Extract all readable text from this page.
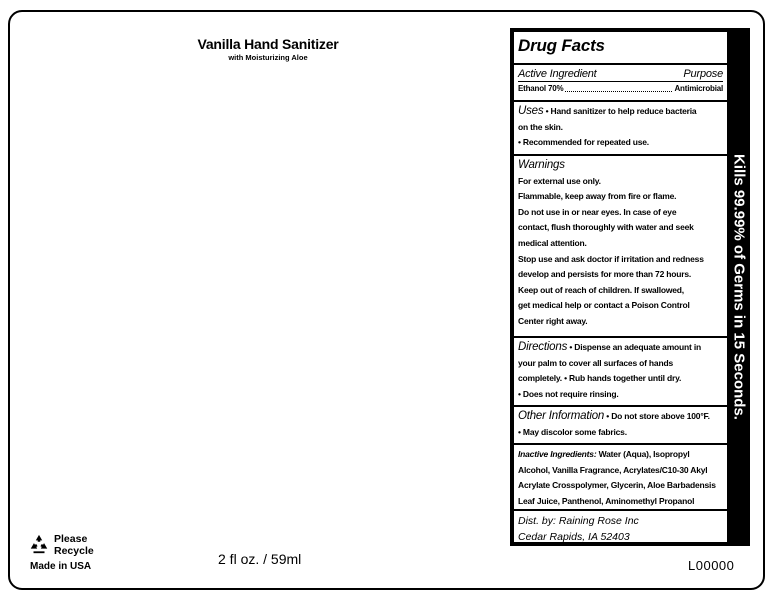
Vanilla Hand Sanitizer
with Moisturizing Aloe
Please
Recycle
Made in USA	2 fl oz. / 59ml	L00000
Drug Facts
Active Ingredient	Purpose
Ethanol 70%	Antimicrobial
Uses • Hand sanitizer to help reduce bacteria
on the skin.
• Recommended for repeated use.
Warnings
For external use only.
Flammable, keep away from fire or flame.
Do not use in or near eyes. In case of eye
contact, flush thoroughly with water and seek
medical attention.
Stop use and ask doctor if irritation and redness
develop and persists for more than 72 hours.
Keep out of reach of children. If swallowed,
get medical help or contact a Poison Control
Center right away.
Directions • Dispense an adequate amount in
your palm to cover all surfaces of hands
completely. • Rub hands together until dry.
• Does not require rinsing.
Other Information • Do not store above 100°F.
• May discolor some fabrics.
Inactive Ingredients: Water (Aqua), Isopropyl
Alcohol, Vanilla Fragrance, Acrylates/C10-30 Akyl
Acrylate Crosspolymer, Glycerin, Aloe Barbadensis
Leaf Juice, Panthenol, Aminomethyl Propanol
Dist. by: Raining Rose Inc
Cedar Rapids, IA 52403
Kills 99.99% of Germs in 15 Seconds.
